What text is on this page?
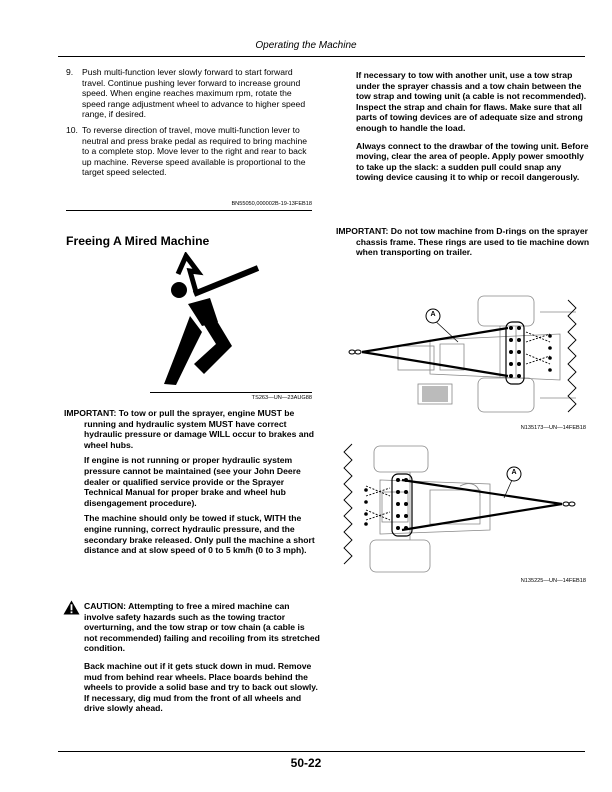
Operating the Machine
9.	Push multi-function lever slowly forward to start forward travel. Continue pushing lever forward to increase ground speed. When engine reaches maximum rpm, rotate the speed range adjustment wheel to advance to higher speed range, if desired.
10. To reverse direction of travel, move multi-function lever to neutral and press brake pedal as required to bring machine to a complete stop. Move lever to the right and rear to back up machine. Reverse speed available is proportional to the target speed selected.
BN55050,000002B-19-13FEB18
Freeing A Mired Machine
TS263—UN—23AUG88
IMPORTANT: To tow or pull the sprayer, engine MUST be running and hydraulic system MUST have correct hydraulic pressure or damage WILL occur to brakes and wheel hubs.
If engine is not running or proper hydraulic system pressure cannot be maintained (see your John Deere dealer or qualified service provide or the Sprayer Technical Manual for proper brake and wheel hub disengagement procedure).
The machine should only be towed if stuck, WITH the engine running, correct hydraulic pressure, and the secondary brake released. Only pull the machine a short distance and at slow speed of 0 to 5 km/h (0 to 3 mph).
CAUTION: Attempting to free a mired machine can involve safety hazards such as the towing tractor overturning, and the tow strap or tow chain (a cable is not recommended) failing and recoiling from its stretched condition.
Back machine out if it gets stuck down in mud. Remove mud from behind rear wheels. Place boards behind the wheels to provide a solid base and try to back out slowly. If necessary, dig mud from the front of all wheels and drive slowly ahead.
If necessary to tow with another unit, use a tow strap under the sprayer chassis and a tow chain between the tow strap and towing unit (a cable is not recommended). Inspect the strap and chain for flaws. Make sure that all parts of towing devices are of adequate size and strong enough to handle the load.
Always connect to the drawbar of the towing unit. Before moving, clear the area of people. Apply power smoothly to take up the slack: a sudden pull could snap any towing device causing it to whip or recoil dangerously.
IMPORTANT: Do not tow machine from D-rings on the sprayer chassis frame. These rings are used to tie machine down when transporting on trailer.
A
N135173—UN—14FEB18
A
N135225—UN—14FEB18
50-22
